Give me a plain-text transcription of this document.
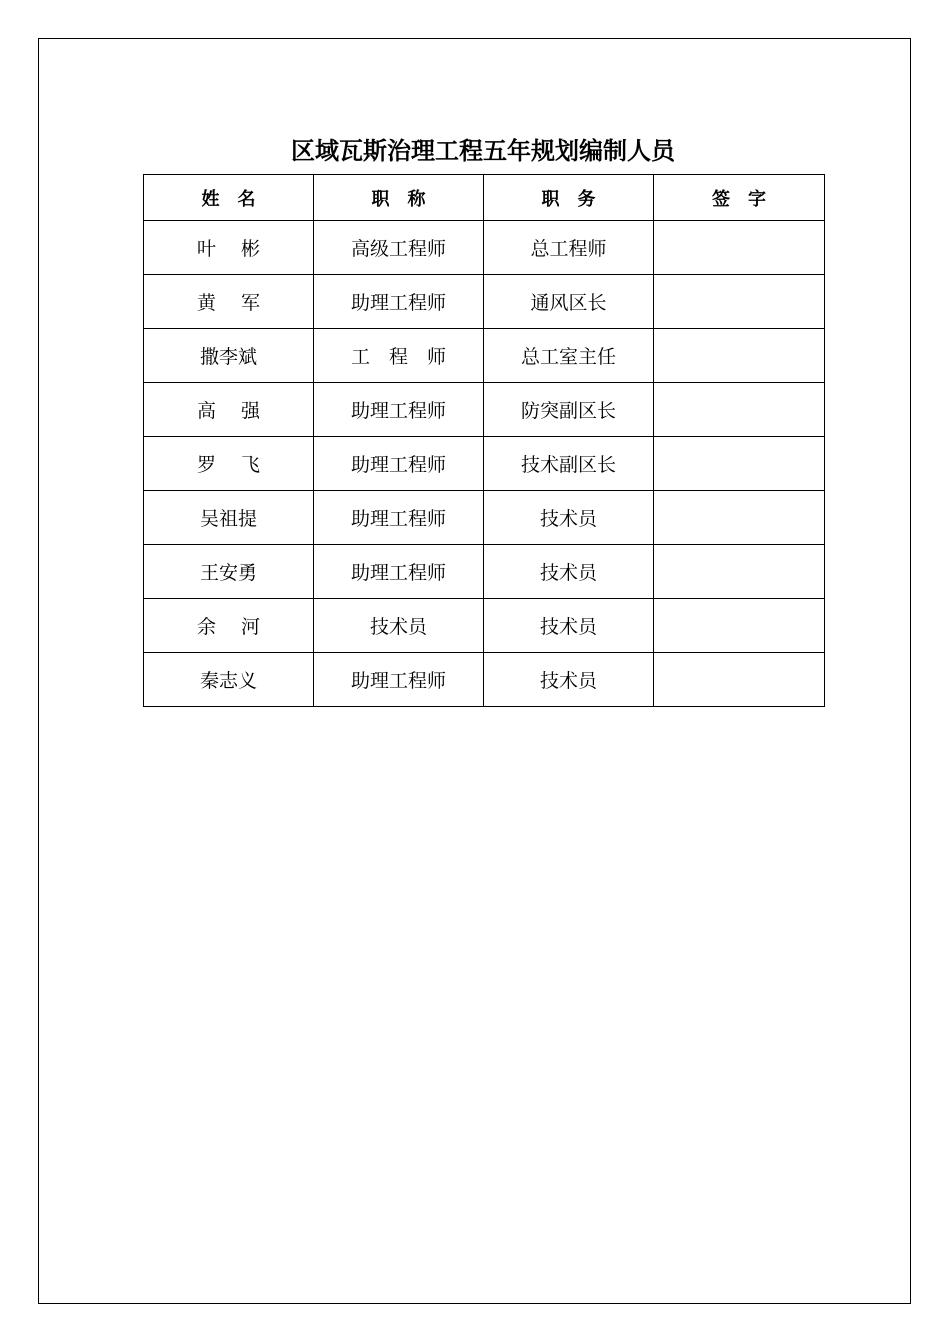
区域瓦斯治理工程五年规划编制人员
姓　名	职　称	职　务	签　字
叶　 彬	高级工程师	总工程师	
黄　 军	助理工程师	通风区长	
撒李斌	工　程　师	总工室主任	
高　 强	助理工程师	防突副区长	
罗　 飞	助理工程师	技术副区长	
吴祖提	助理工程师	技术员	
王安勇	助理工程师	技术员	
余　 河	技术员	技术员	
秦志义	助理工程师	技术员	
